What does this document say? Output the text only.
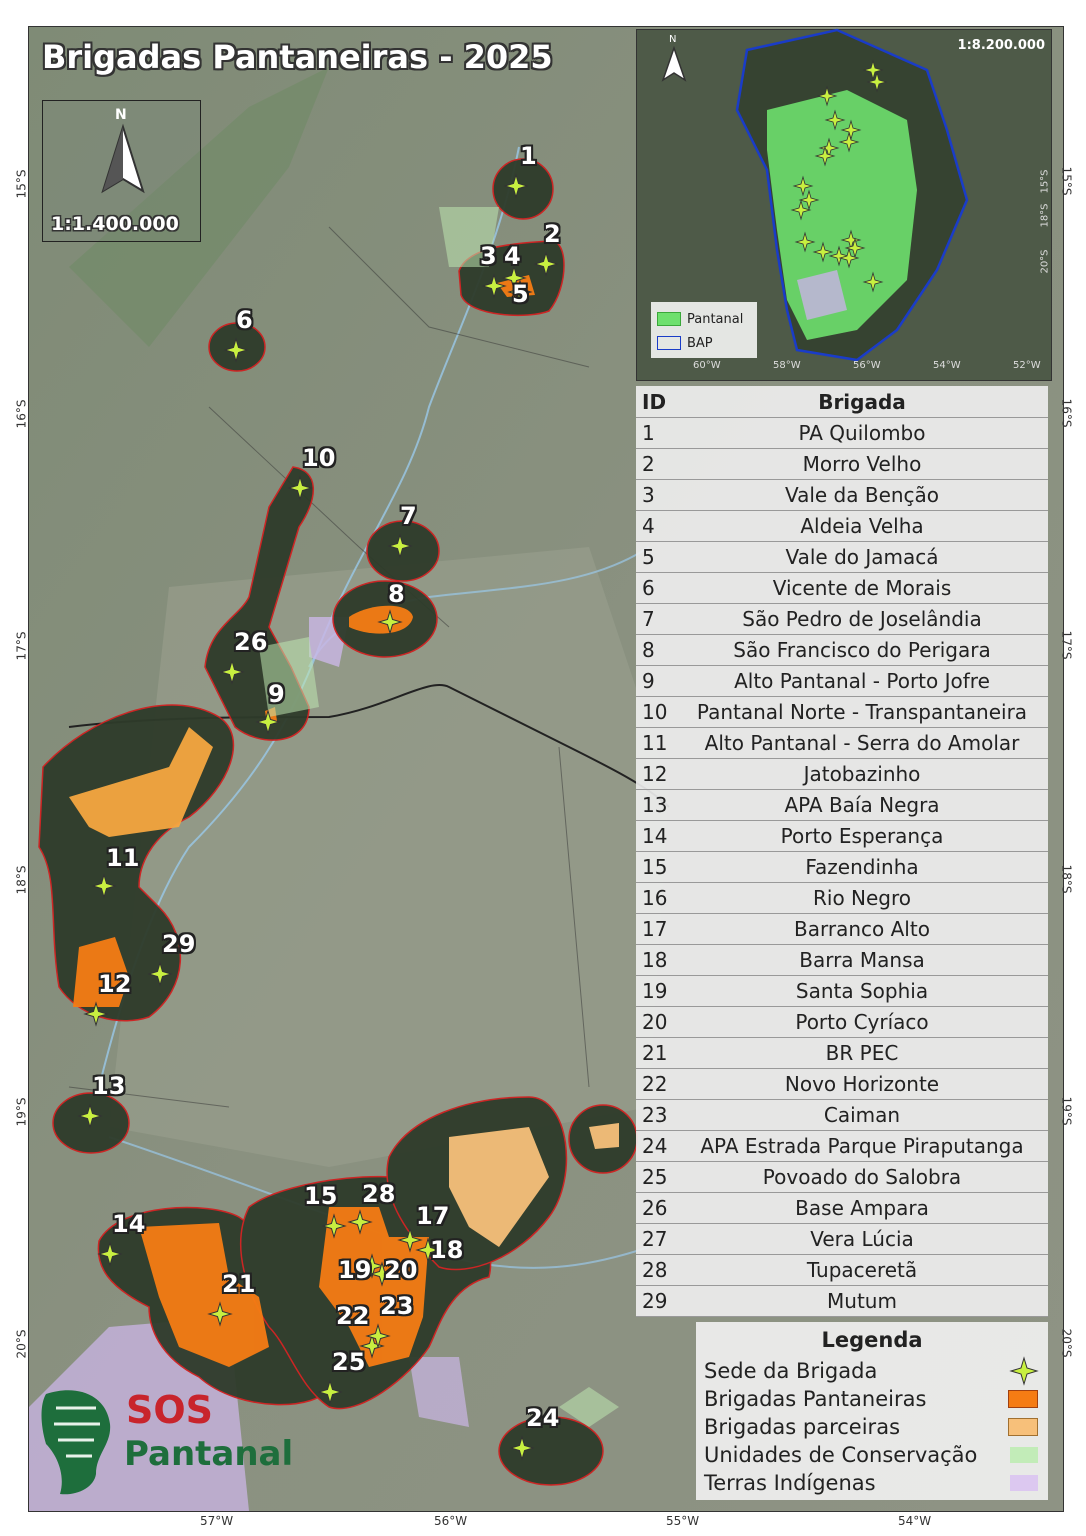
15°S
16°S
17°S
18°S
19°S
20°S
57°W	56°W	55°W	54°W
15°S
16°S
17°S
18°S
19°S
20°S
Brigadas Pantaneiras - 2025
N
1:1.400.000
N	1:8.200.000
Pantanal
BAP
60°W	58°W	56°W	54°W	52°W
15°S
18°S
20°S
ID	Brigada
1	PA Quilombo
2	Morro Velho
3	Vale da Benção
4	Aldeia Velha
5	Vale do Jamacá
6	Vicente de Morais
7	São Pedro de Joselândia
8	São Francisco do Perigara
9	Alto Pantanal - Porto Jofre
10	Pantanal Norte - Transpantaneira
11	Alto Pantanal - Serra do Amolar
12	Jatobazinho
13	APA Baía Negra
14	Porto Esperança
15	Fazendinha
16	Rio Negro
17	Barranco Alto
18	Barra Mansa
19	Santa Sophia
20	Porto Cyríaco
21	BR PEC
22	Novo Horizonte
23	Caiman
24	APA Estrada Parque Piraputanga
25	Povoado do Salobra
26	Base Ampara
27	Vera Lúcia
28	Tupaceretã
29	Mutum
Legenda
Sede da Brigada
Brigadas Pantaneiras
Brigadas parceiras
Unidades de Conservação
Terras Indígenas
SOS
Pantanal
1
2
3 4
5
6
7
8
9
10
11
12
13
14
15
17
18
19 20
21
22 23
24
25
26
28
29
